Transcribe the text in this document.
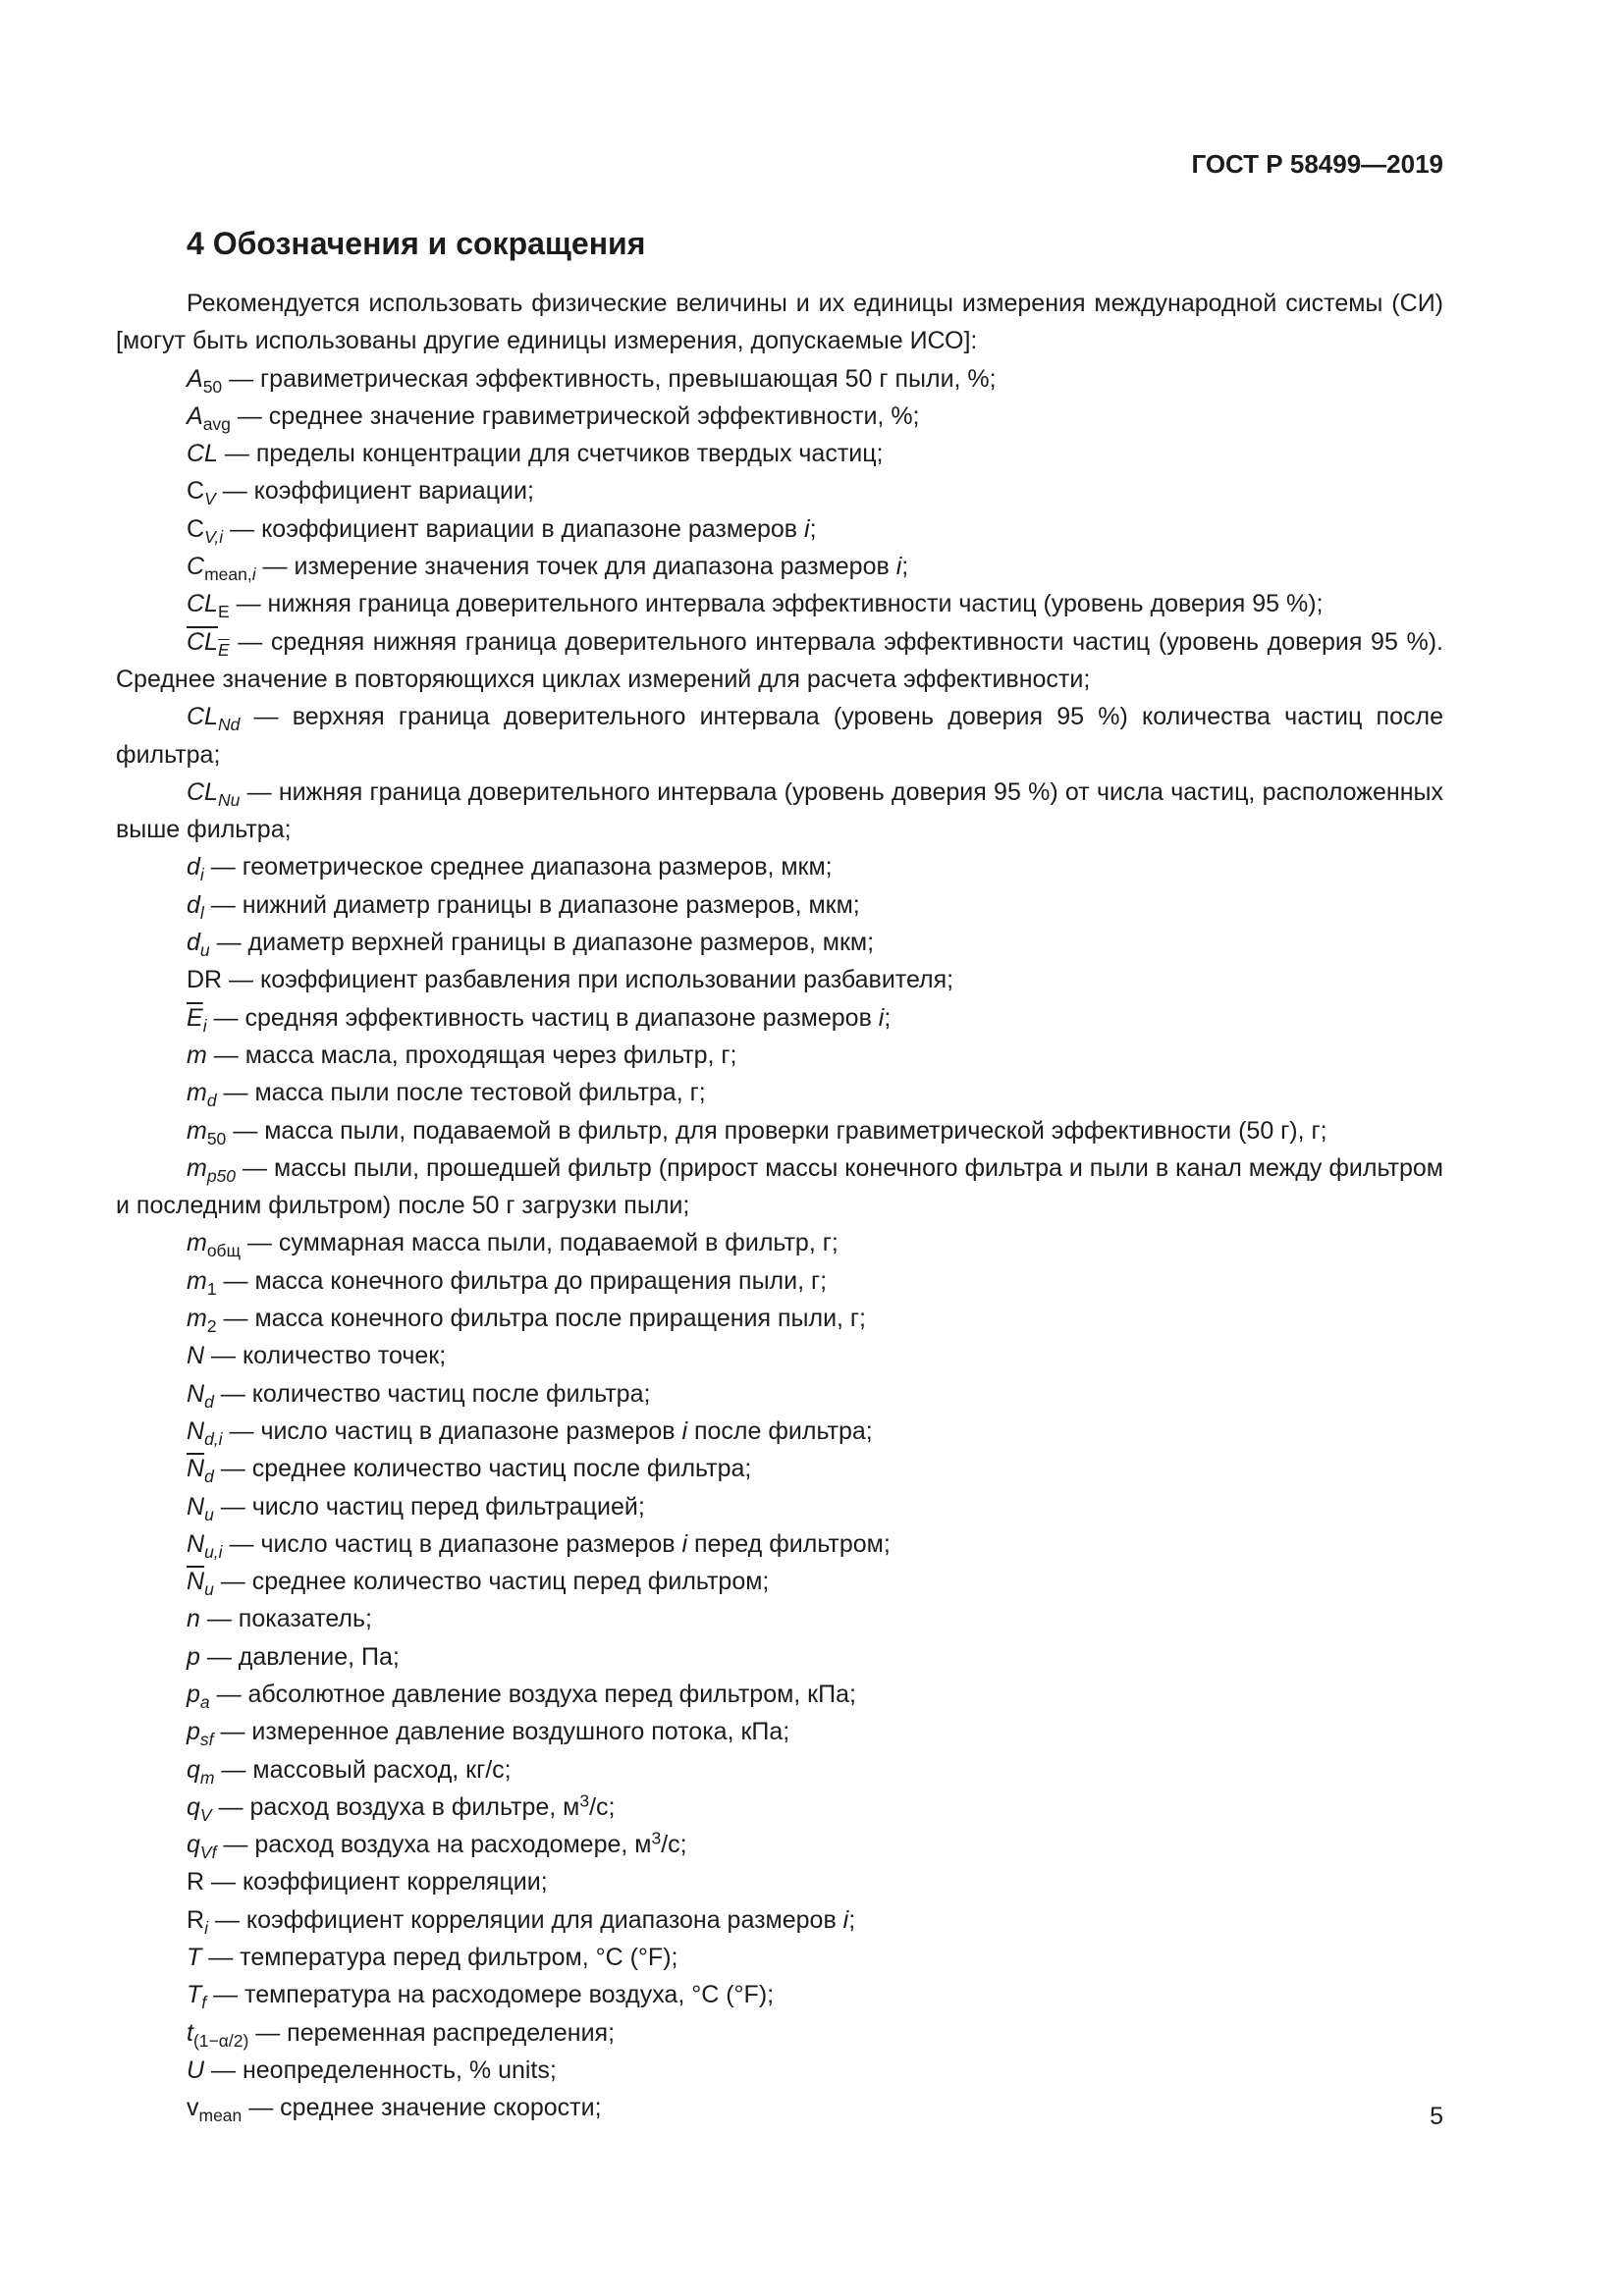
ГОСТ Р 58499—2019
4 Обозначения и сокращения

Рекомендуется использовать физические величины и их единицы измерения международной системы (СИ) [могут быть использованы другие единицы измерения, допускаемые ИСО]:

$A_{50}$ — гравиметрическая эффективность, превышающая 50 г пыли, %;

$A_{avg}$ — среднее значение гравиметрической эффективности, %;

CL — пределы концентрации для счетчиков твердых частиц;

$C_V$ — коэффициент вариации;

$C_{V,i}$ — коэффициент вариации в диапазоне размеров i;

$C_{mean,i}$ — измерение значения точек для диапазона размеров i;

$CL_E$ — нижняя граница доверительного интервала эффективности частиц (уровень доверия 95 %);

$\overline{CL}_{\overline{E}}$ — средняя нижняя граница доверительного интервала эффективности частиц (уровень доверия 95 %). Среднее значение в повторяющихся циклах измерений для расчета эффективности;

$CL_{Nd}$ — верхняя граница доверительного интервала (уровень доверия 95 %) количества частиц после фильтра;

$CL_{Nu}$ — нижняя граница доверительного интервала (уровень доверия 95 %) от числа частиц, расположенных выше фильтра;

$d_i$ — геометрическое среднее диапазона размеров, мкм;

$d_l$ — нижний диаметр границы в диапазоне размеров, мкм;

$d_u$ — диаметр верхней границы в диапазоне размеров, мкм;

DR — коэффициент разбавления при использовании разбавителя;

$\overline{E}_i$ — средняя эффективность частиц в диапазоне размеров i;

m — масса масла, проходящая через фильтр, г;

$m_d$ — масса пыли после тестовой фильтра, г;

$m_{50}$ — масса пыли, подаваемой в фильтр, для проверки гравиметрической эффективности (50 г), г;

$m_{p50}$ — массы пыли, прошедшей фильтр (прирост массы конечного фильтра и пыли в канал между фильтром и последним фильтром) после 50 г загрузки пыли;

$m_{общ}$ — суммарная масса пыли, подаваемой в фильтр, г;

$m_1$ — масса конечного фильтра до приращения пыли, г;

$m_2$ — масса конечного фильтра после приращения пыли, г;

N — количество точек;

$N_d$ — количество частиц после фильтра;

$N_{d,i}$ — число частиц в диапазоне размеров i после фильтра;

$\overline{N}_d$ — среднее количество частиц после фильтра;

$N_u$ — число частиц перед фильтрацией;

$N_{u,i}$ — число частиц в диапазоне размеров i перед фильтром;

$\overline{N}_u$ — среднее количество частиц перед фильтром;

n — показатель;

p — давление, Па;

$p_a$ — абсолютное давление воздуха перед фильтром, кПа;

$p_{sf}$ — измеренное давление воздушного потока, кПа;

$q_m$ — массовый расход, кг/с;

$q_V$ — расход воздуха в фильтре, $м^3/с$;

$q_{Vf}$ — расход воздуха на расходомере, $м^3/с$;

R — коэффициент корреляции;

$R_i$ — коэффициент корреляции для диапазона размеров i;

T — температура перед фильтром, °C (°F);

$T_f$ — температура на расходомере воздуха, °C (°F);

$t_{(1-\alpha/2)}$ — переменная распределения;

U — неопределенность, % units;

$v_{mean}$ — среднее значение скорости;	5
